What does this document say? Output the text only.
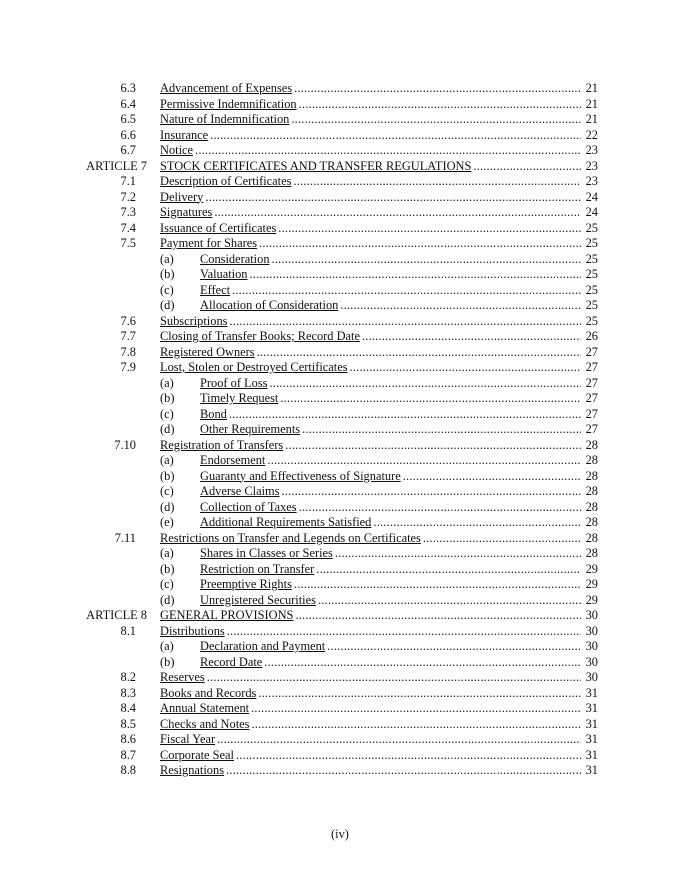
6.3 Advancement of Expenses .....	21
6.4 Permissive Indemnification .....	21
6.5 Nature of Indemnification .....	21
6.6 Insurance .....	22
6.7 Notice .....	23
ARTICLE 7 STOCK CERTIFICATES AND TRANSFER REGULATIONS .....	23
7.1 Description of Certificates .....	23
7.2 Delivery .....	24
7.3 Signatures .....	24
7.4 Issuance of Certificates .....	25
7.5 Payment for Shares .....	25
(a) Consideration .....	25
(b) Valuation .....	25
(c) Effect .....	25
(d) Allocation of Consideration .....	25
7.6 Subscriptions .....	25
7.7 Closing of Transfer Books; Record Date .....	26
7.8 Registered Owners .....	27
7.9 Lost, Stolen or Destroyed Certificates .....	27
(a) Proof of Loss .....	27
(b) Timely Request .....	27
(c) Bond .....	27
(d) Other Requirements .....	27
7.10 Registration of Transfers .....	28
(a) Endorsement .....	28
(b) Guaranty and Effectiveness of Signature .....	28
(c) Adverse Claims .....	28
(d) Collection of Taxes .....	28
(e) Additional Requirements Satisfied .....	28
7.11 Restrictions on Transfer and Legends on Certificates .....	28
(a) Shares in Classes or Series .....	28
(b) Restriction on Transfer .....	29
(c) Preemptive Rights .....	29
(d) Unregistered Securities .....	29
ARTICLE 8 GENERAL PROVISIONS .....	30
8.1 Distributions .....	30
(a) Declaration and Payment .....	30
(b) Record Date .....	30
8.2 Reserves .....	30
8.3 Books and Records .....	31
8.4 Annual Statement .....	31
8.5 Checks and Notes .....	31
8.6 Fiscal Year .....	31
8.7 Corporate Seal .....	31
8.8 Resignations .....	31
(iv)
